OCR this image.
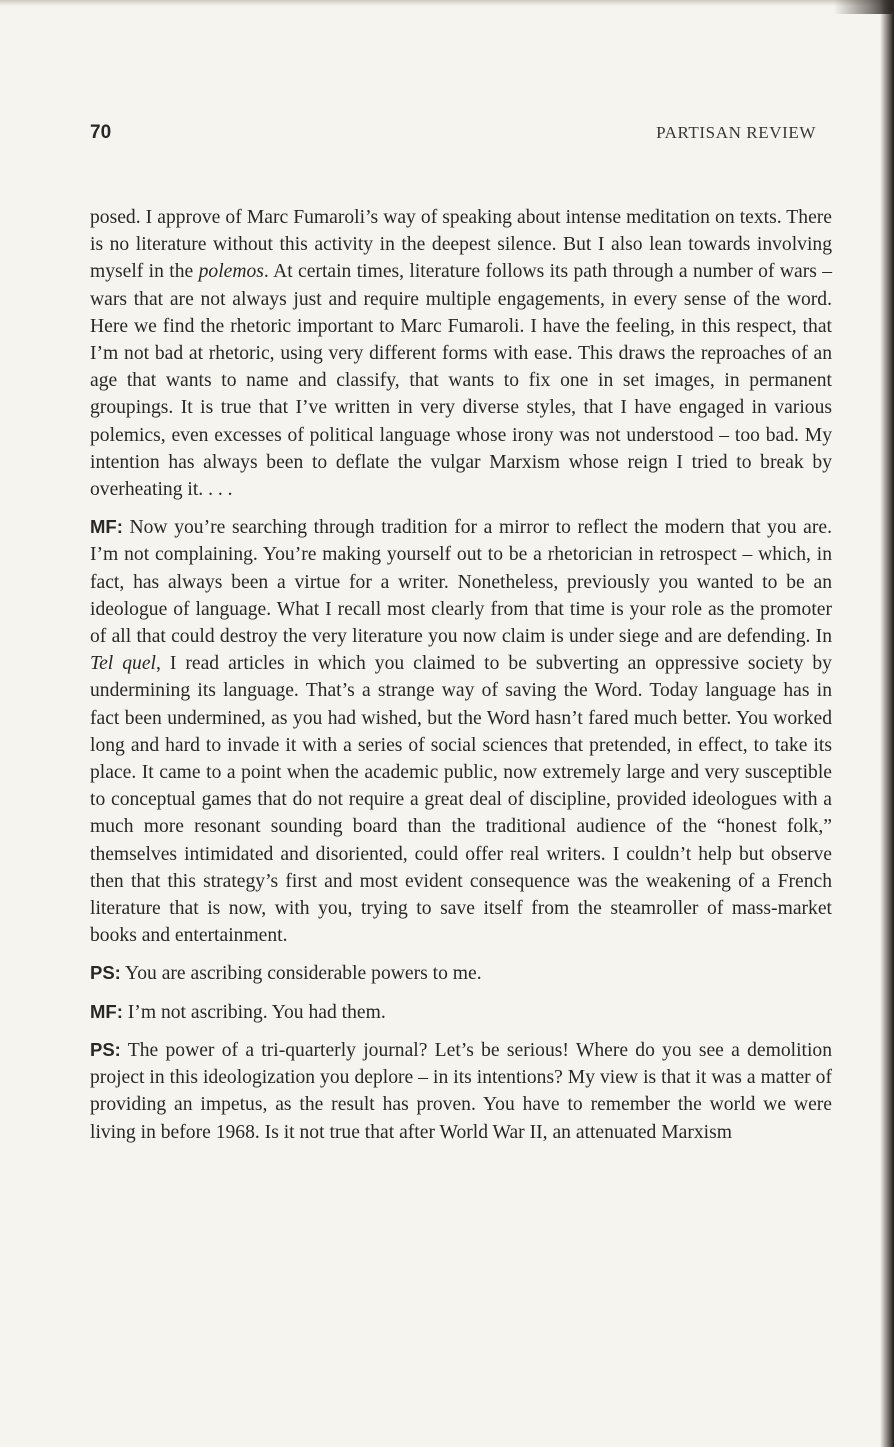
70	PARTISAN REVIEW

posed. I approve of Marc Fumaroli’s way of speaking about intense meditation on texts. There is no literature without this activity in the deepest silence. But I also lean towards involving myself in the polemos. At certain times, literature follows its path through a number of wars – wars that are not always just and require multiple engagements, in every sense of the word. Here we find the rhetoric important to Marc Fumaroli. I have the feeling, in this respect, that I’m not bad at rhetoric, using very different forms with ease. This draws the reproaches of an age that wants to name and classify, that wants to fix one in set images, in permanent groupings. It is true that I’ve written in very diverse styles, that I have engaged in various polemics, even excesses of political language whose irony was not understood – too bad. My intention has always been to deflate the vulgar Marxism whose reign I tried to break by overheating it. . . .

MF: Now you’re searching through tradition for a mirror to reflect the modern that you are. I’m not complaining. You’re making yourself out to be a rhetorician in retrospect – which, in fact, has always been a virtue for a writer. Nonetheless, previously you wanted to be an ideologue of language. What I recall most clearly from that time is your role as the promoter of all that could destroy the very literature you now claim is under siege and are defending. In Tel quel, I read articles in which you claimed to be subverting an oppressive society by undermining its language. That’s a strange way of saving the Word. Today language has in fact been undermined, as you had wished, but the Word hasn’t fared much better. You worked long and hard to invade it with a series of social sciences that pretended, in effect, to take its place. It came to a point when the academic public, now extremely large and very susceptible to conceptual games that do not require a great deal of discipline, provided ideologues with a much more resonant sounding board than the traditional audience of the “honest folk,” themselves intimidated and disoriented, could offer real writers. I couldn’t help but observe then that this strategy’s first and most evident consequence was the weakening of a French literature that is now, with you, trying to save itself from the steamroller of mass-market books and entertainment.

PS: You are ascribing considerable powers to me.

MF: I’m not ascribing. You had them.

PS: The power of a tri-quarterly journal? Let’s be serious! Where do you see a demolition project in this ideologization you deplore – in its intentions? My view is that it was a matter of providing an impetus, as the result has proven. You have to remember the world we were living in before 1968. Is it not true that after World War II, an attenuated Marxism
